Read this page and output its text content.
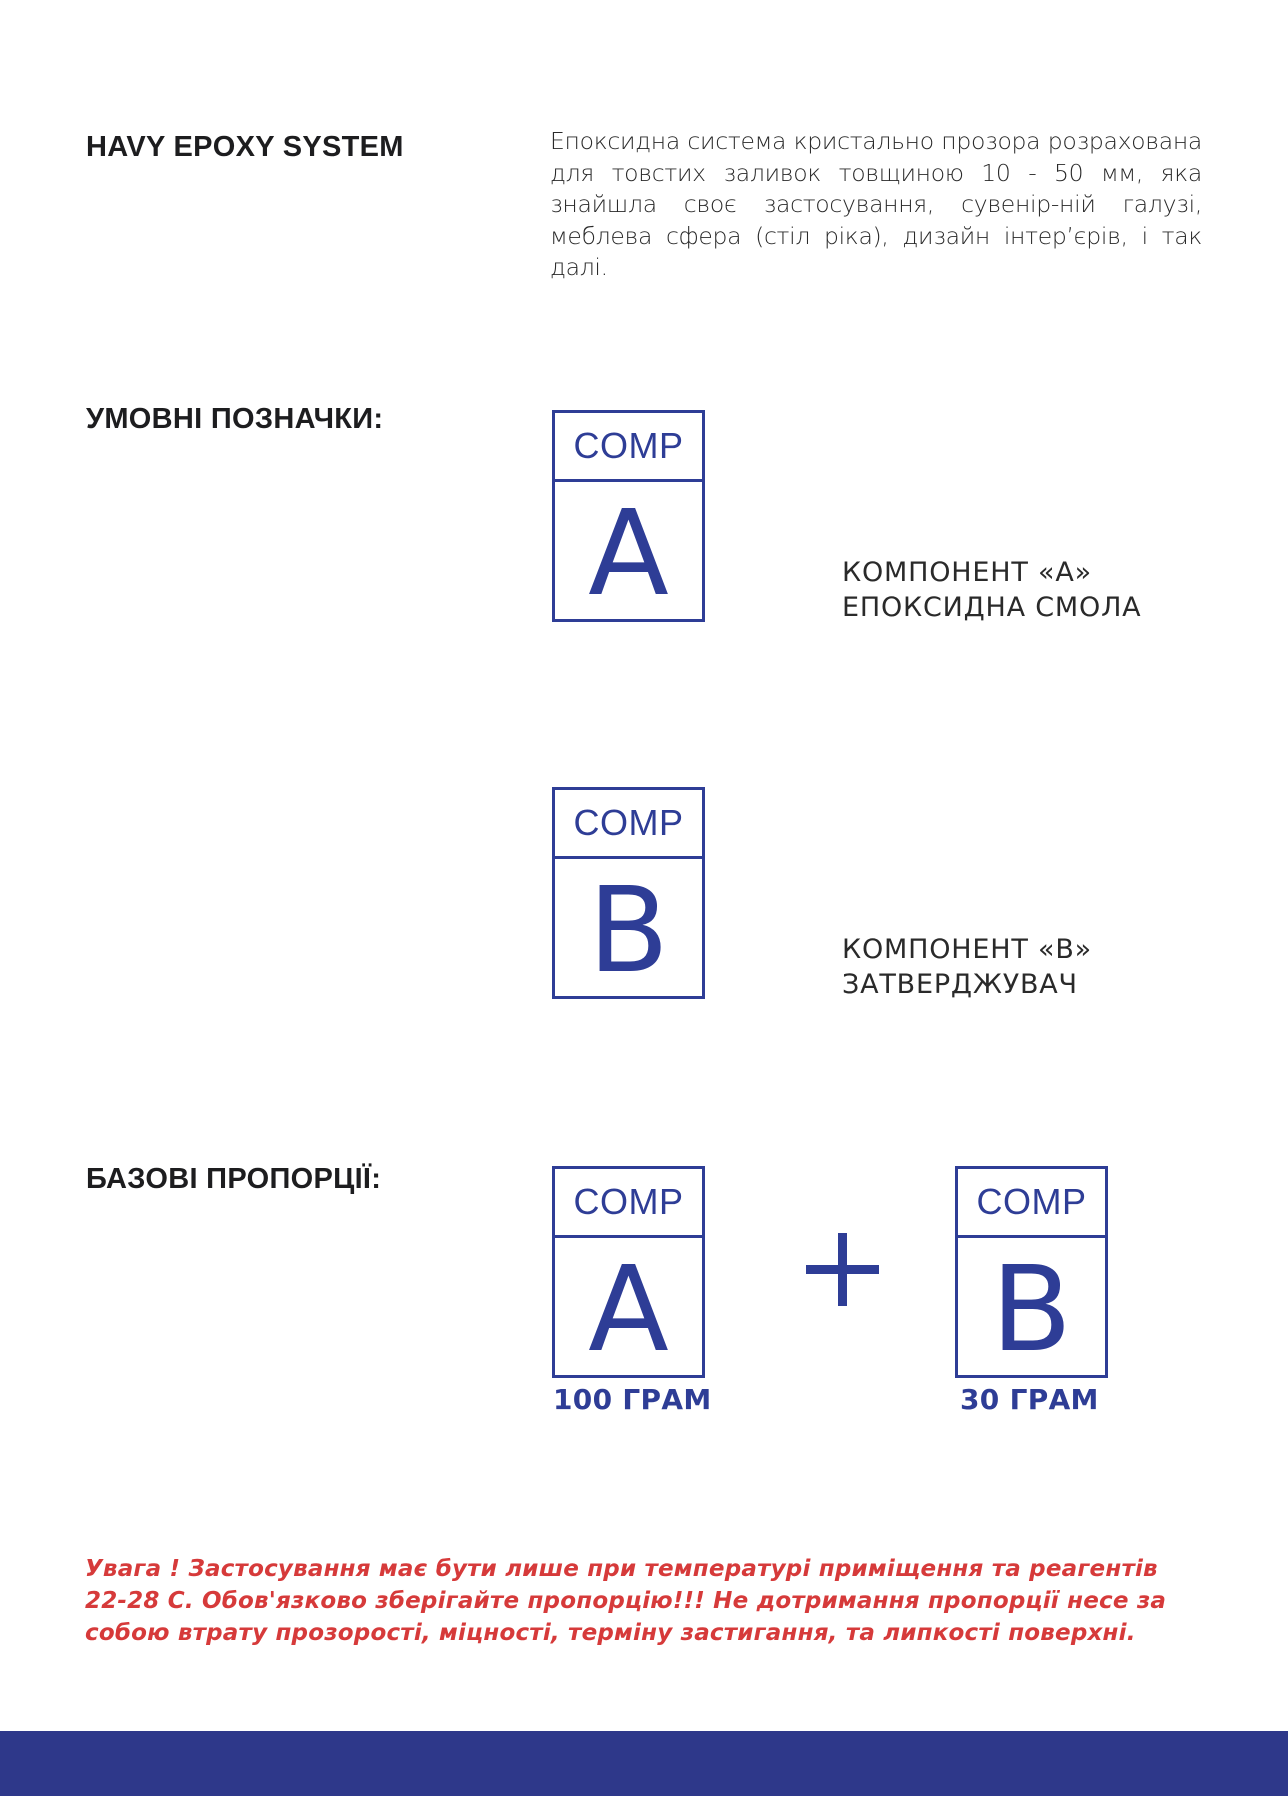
HAVY EPOXY SYSTEM	Епоксидна система кристально прозора розрахована для товстих заливок товщиною 10 - 50 мм, яка знайшла своє застосування, сувенір-ній галузі, меблева сфера (стіл ріка), дизайн інтер’єрів, і так далі.
УМОВНІ ПОЗНАЧКИ:
COMP
A	КОМПОНЕНТ «А»
ЕПОКСИДНА СМОЛА
COMP
B	КОМПОНЕНТ «В»
ЗАТВЕРДЖУВАЧ
БАЗОВІ ПРОПОРЦІЇ:
COMP
A
100 ГРАМ
COMP
B
30 ГРАМ
Увага ! Застосування має бути лише при температурі приміщення та реагентів
22-28 С. Обов'язково зберігайте пропорцію!!! Не дотримання пропорції несе за
собою втрату прозорості, міцності, терміну застигання, та липкості поверхні.
